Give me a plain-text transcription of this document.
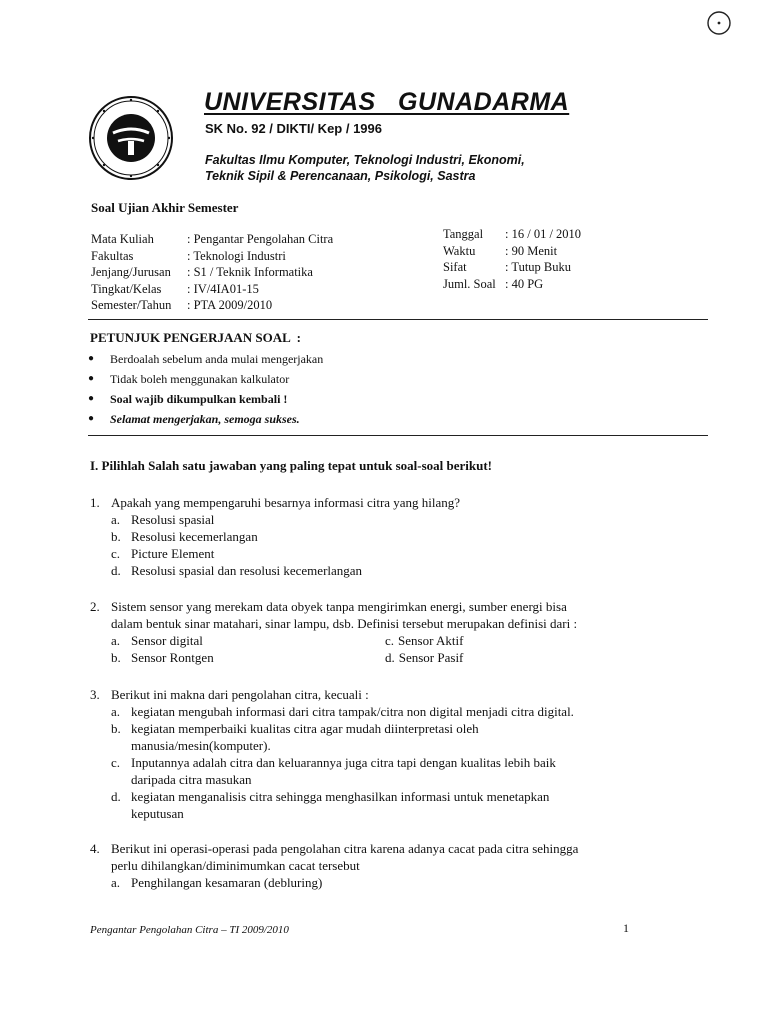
UNIVERSITAS   GUNADARMA
SK No. 92 / DIKTI/ Kep / 1996
Fakultas Ilmu Komputer, Teknologi Industri, Ekonomi,
Teknik Sipil & Perencanaan, Psikologi, Sastra
Soal Ujian Akhir Semester
Mata Kuliah	: Pengantar Pengolahan Citra
Fakultas	: Teknologi Industri
Jenjang/Jurusan	: S1 / Teknik Informatika
Tingkat/Kelas	: IV/4IA01-15
Semester/Tahun	: PTA 2009/2010
Tanggal	: 16 / 01 / 2010
Waktu	: 90 Menit
Sifat	: Tutup Buku
Juml. Soal : 40 PG
PETUNJUK PENGERJAAN SOAL  :
●	Berdoalah sebelum anda mulai mengerjakan
●	Tidak boleh menggunakan kalkulator
●	Soal wajib dikumpulkan kembali !
●	Selamat mengerjakan, semoga sukses.
I. Pilihlah Salah satu jawaban yang paling tepat untuk soal-soal berikut!
1. Apakah yang mempengaruhi besarnya informasi citra yang hilang?
a. Resolusi spasial
b. Resolusi kecemerlangan
c. Picture Element
d. Resolusi spasial dan resolusi kecemerlangan
2. Sistem sensor yang merekam data obyek tanpa mengirimkan energi, sumber energi bisa
dalam bentuk sinar matahari, sinar lampu, dsb. Definisi tersebut merupakan definisi dari :
a. Sensor digital	c. Sensor Aktif
b. Sensor Rontgen	d. Sensor Pasif
3. Berikut ini makna dari pengolahan citra, kecuali :
a. kegiatan mengubah informasi dari citra tampak/citra non digital menjadi citra digital.
b. kegiatan memperbaiki kualitas citra agar mudah diinterpretasi oleh
manusia/mesin(komputer).
c. Inputannya adalah citra dan keluarannya juga citra tapi dengan kualitas lebih baik
daripada citra masukan
d. kegiatan menganalisis citra sehingga menghasilkan informasi untuk menetapkan
keputusan
4. Berikut ini operasi-operasi pada pengolahan citra karena adanya cacat pada citra sehingga
perlu dihilangkan/diminimumkan cacat tersebut
a. Penghilangan kesamaran (debluring)
Pengantar Pengolahan Citra – TI 2009/2010	1
